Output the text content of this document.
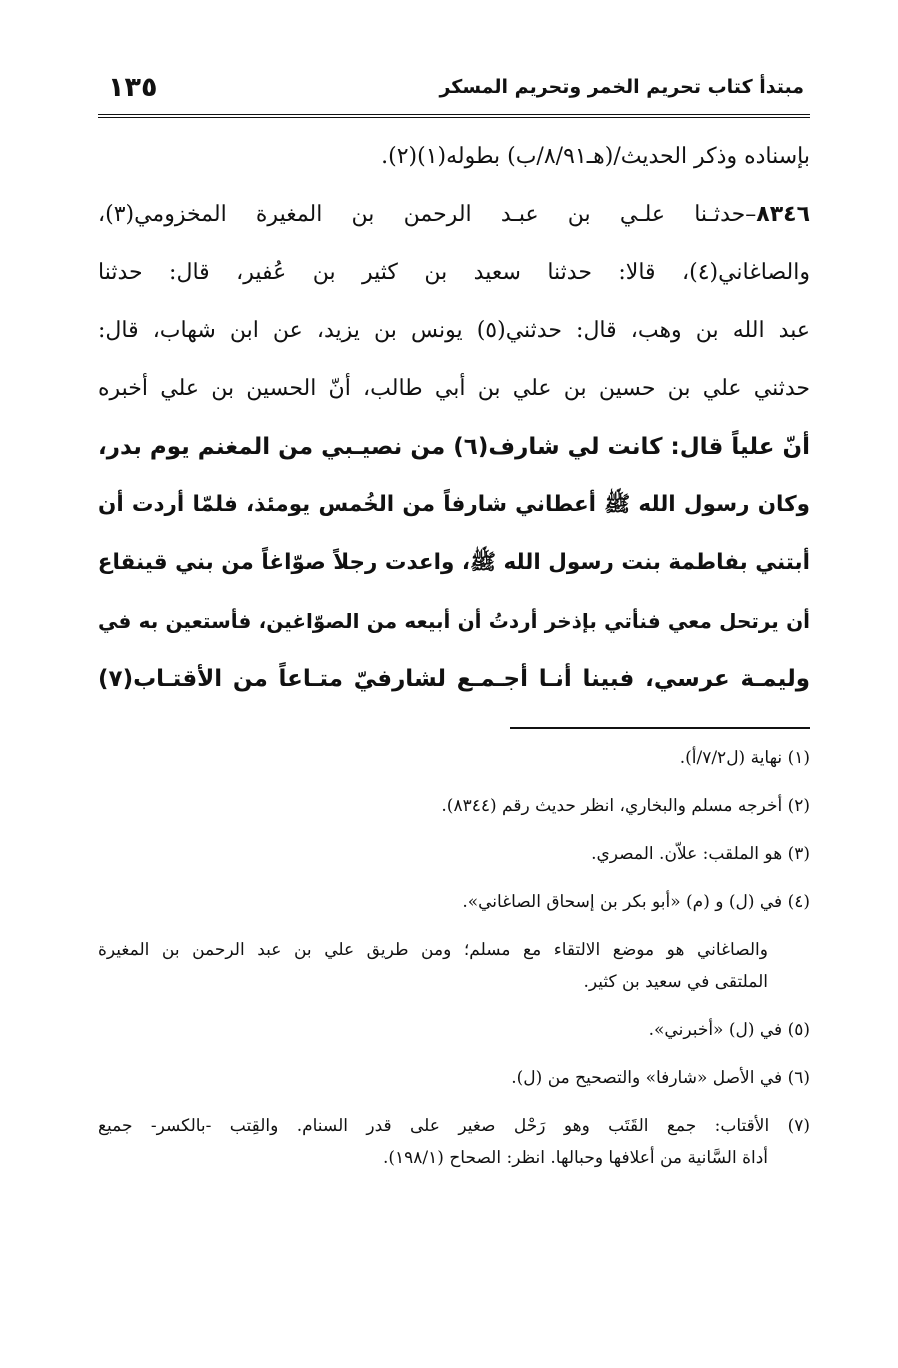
١٣٥	مبتدأ كتاب تحريم الخمر وتحريم المسكر
بإسناده وذكر الحديث/(هـ٨/٩١/ب) بطوله(١)(٢).
٨٣٤٦–حدثـنا علـي بن عبـد الرحمن بن المغيرة المخزومي(٣)،
والصاغاني(٤)، قالا: حدثنا سعيد بن كثير بن عُفير، قال: حدثنا
عبد الله بن وهب، قال: حدثني(٥) يونس بن يزيد، عن ابن شهاب، قال:
حدثني علي بن حسين بن علي بن أبي طالب، أنّ الحسين بن علي أخبره
أنّ علياً قال: كانت لي شارف(٦) من نصيـبي من المغنم يوم بدر،
وكان رسول الله ﷺ أعطاني شارفاً من الخُمس يومئذ، فلمّا أردت أن
أبتني بفاطمة بنت رسول الله ﷺ، واعدت رجلاً صوّاغاً من بني قينقاع
أن يرتحل معي فنأتي بإذخر أردتُ أن أبيعه من الصوّاغين، فأستعين به في
وليمـة عرسي، فبينا أنـا أجـمـع لشارفيّ متـاعاً من الأقتـاب(٧)
(١) نهاية (ل٧/٢/أ).
(٢) أخرجه مسلم والبخاري، انظر حديث رقم (٨٣٤٤).
(٣) هو الملقب: علاّن. المصري.
(٤) في (ل) و (م) «أبو بكر بن إسحاق الصاغاني».
والصاغاني هو موضع الالتقاء مع مسلم؛ ومن طريق علي بن عبد الرحمن بن المغيرة
الملتقى في سعيد بن كثير.
(٥) في (ل) «أخبرني».
(٦) في الأصل «شارفا» والتصحيح من (ل).
(٧) الأقتاب: جمع القَتَب وهو رَحْل صغير على قدر السنام. والقِتب -بالكسر- جميع
أداة السَّانية من أعلافها وحبالها. انظر: الصحاح (١٩٨/١).
